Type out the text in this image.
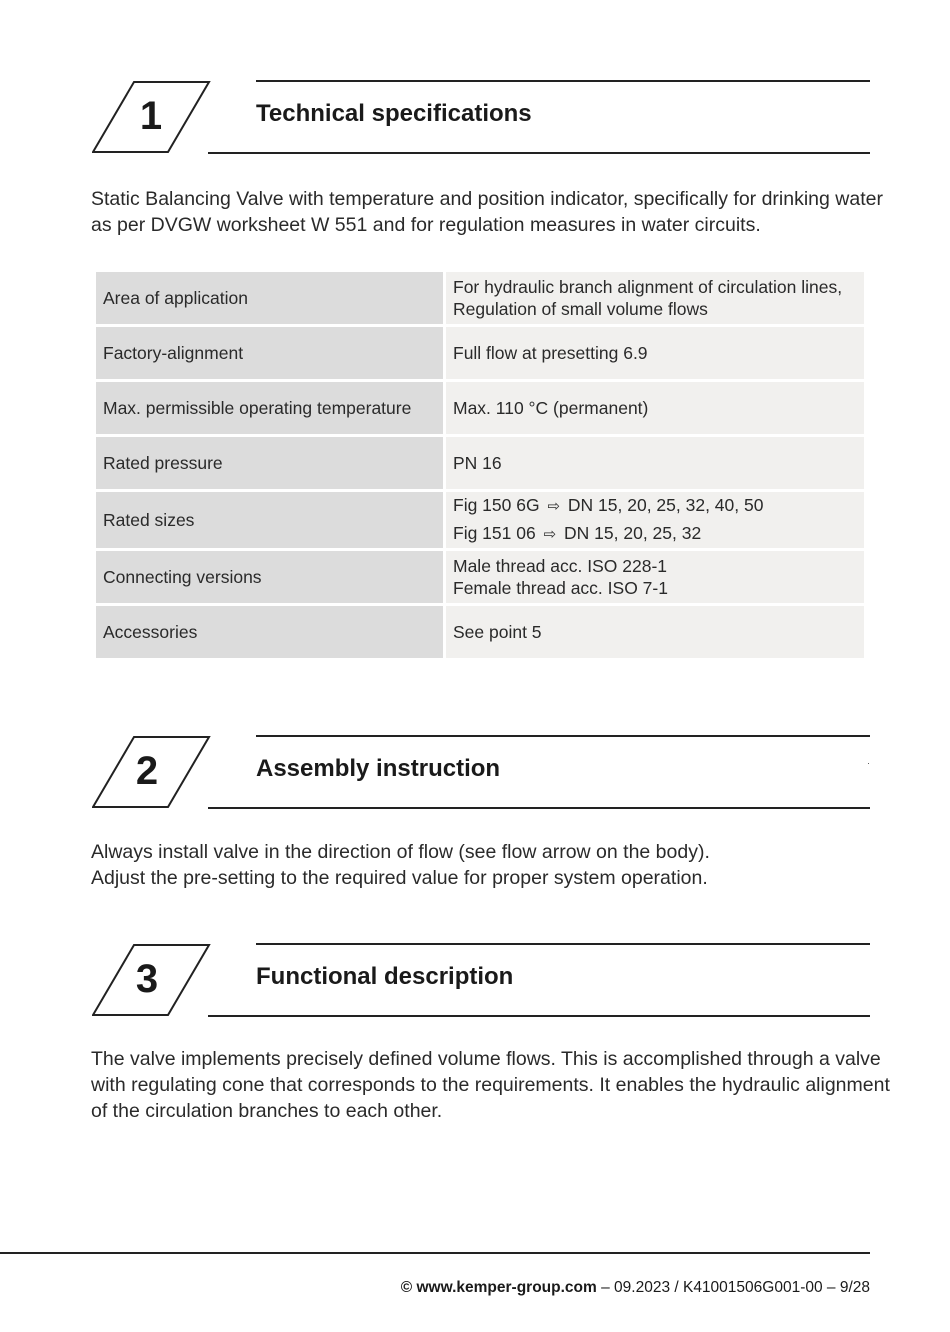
1	Technical specifications
Static Balancing Valve with temperature and position indicator, specifically for drinking water
as per DVGW worksheet W 551 and for regulation measures in water circuits.
Area of application	For hydraulic branch alignment of circulation lines,
Regulation of small volume flows

Factory-alignment	Full flow at presetting 6.9
Max. permissible operating temperature	Max. 110 °C (permanent)
Rated pressure	PN 16
Rated sizes	Fig 150 6G ⇨ DN 15, 20, 25, 32, 40, 50
Fig 151 06 ⇨ DN 15, 20, 25, 32

Connecting versions	Male thread acc. ISO 228-1
Female thread acc. ISO 7-1

Accessories	See point 5
2	Assembly instruction	·
Always install valve in the direction of flow (see flow arrow on the body).
Adjust the pre-setting to the required value for proper system operation.
3	Functional description
The valve implements precisely defined volume flows. This is accomplished through a valve
with regulating cone that corresponds to the requirements. It enables the hydraulic alignment
of the circulation branches to each other.
© www.kemper-group.com – 09.2023 / K41001506G001-00 – 9/28
